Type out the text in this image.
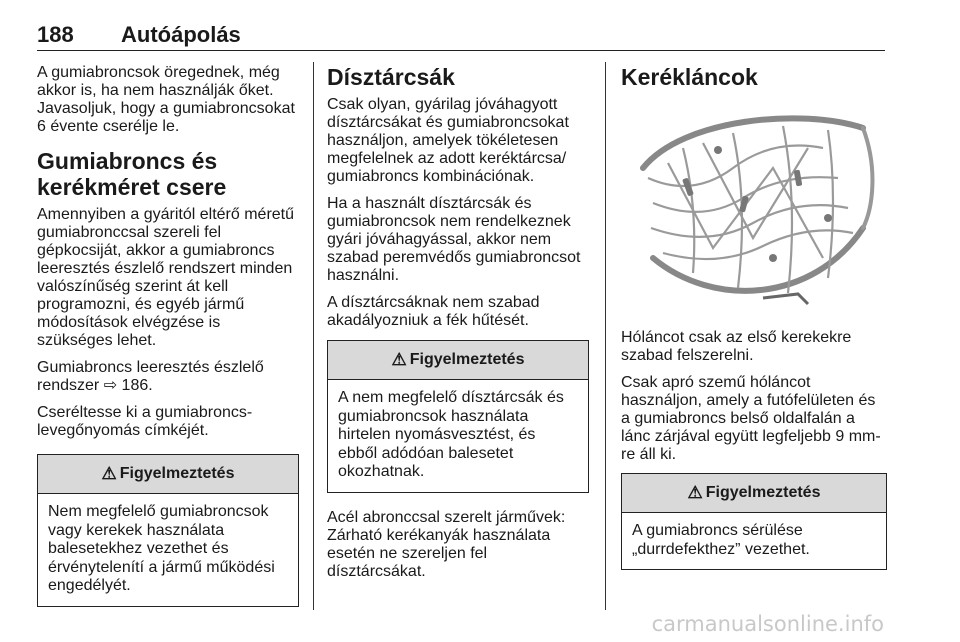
188 Autóápolás

A gumiabroncsok öregednek, még akkor is, ha nem használják őket. Javasoljuk, hogy a gumiabroncsokat 6 évente cserélje le.

Gumiabroncs és kerékméret csere

Amennyiben a gyáritól eltérő méretű gumiabronccsal szereli fel gépkocsiját, akkor a gumiabroncs leeresztés észlelő rendszert minden valószínűség szerint át kell programozni, és egyéb jármű módosítások elvégzése is szükséges lehet.

Gumiabroncs leeresztés észlelő rendszer ⇨ 186.

Cseréltesse ki a gumiabroncs-levegőnyomás címkéjét.

⚠ Figyelmeztetés
Nem megfelelő gumiabroncsok vagy kerekek használata balesetekhez vezethet és érvénytelenítí a jármű működési engedélyét.
Dísztárcsák

Csak olyan, gyárilag jóváhagyott dísztárcsákat és gumiabroncsokat használjon, amelyek tökéletesen megfelelnek az adott keréktárcsa/ gumiabroncs kombinációnak.

Ha a használt dísztárcsák és gumiabroncsok nem rendelkeznek gyári jóváhagyással, akkor nem szabad peremvédős gumiabroncsot használni.

A dísztárcsáknak nem szabad akadályozniuk a fék hűtését.

⚠ Figyelmeztetés
A nem megfelelő dísztárcsák és gumiabroncsok használata hirtelen nyomásvesztést, és ebből adódóan balesetet okozhatnak.

Acél abronccsal szerelt járművek: Zárható kerékanyák használata esetén ne szereljen fel dísztárcsákat.

Kerékláncok

Hóláncot csak az első kerekekre szabad felszerelni.

Csak apró szemű hóláncot használjon, amely a futófelületen és a gumiabroncs belső oldalfalán a lánc zárjával együtt legfeljebb 9 mm-re áll ki.

⚠ Figyelmeztetés
A gumiabroncs sérülése „durrdefekthez” vezethet.
carmanualsonline.info
